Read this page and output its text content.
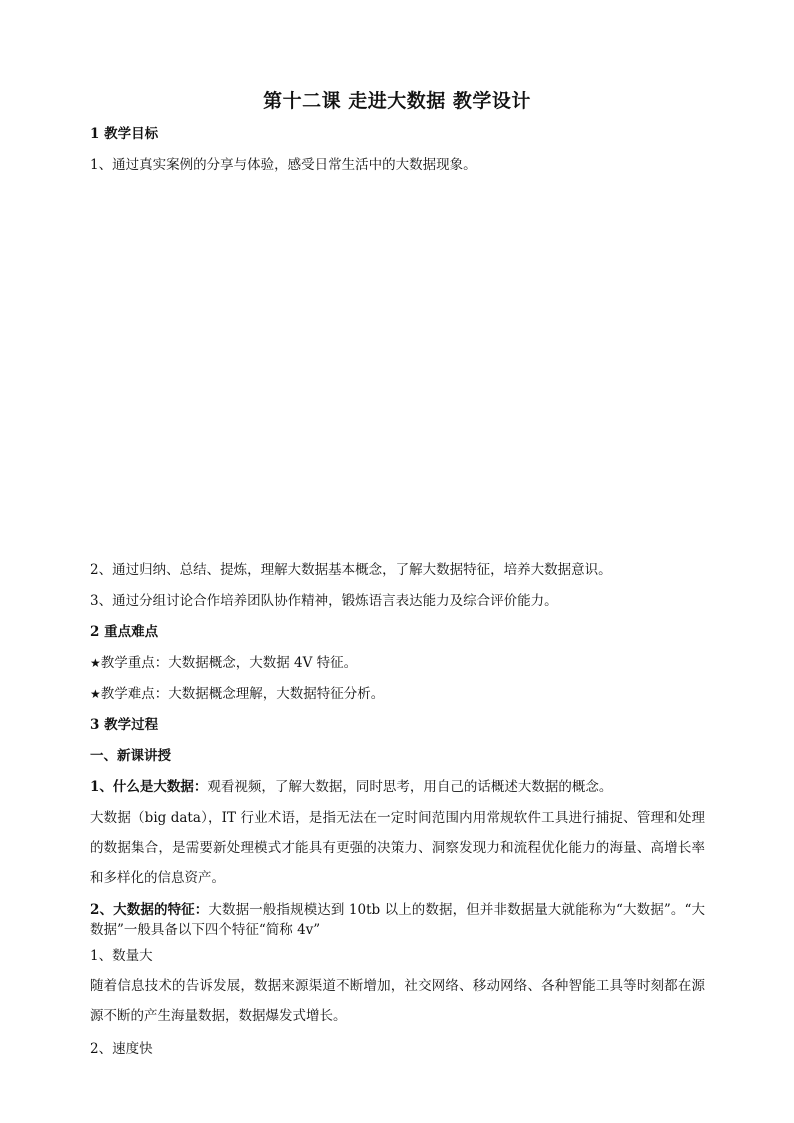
第十二课 走进大数据 教学设计
1 教学目标
1、通过真实案例的分享与体验，感受日常生活中的大数据现象。
2、通过归纳、总结、提炼，理解大数据基本概念，了解大数据特征，培养大数据意识。
3、通过分组讨论合作培养团队协作精神，锻炼语言表达能力及综合评价能力。
2 重点难点
★教学重点：大数据概念，大数据 4V 特征。
★教学难点：大数据概念理解，大数据特征分析。
3 教学过程
一、新课讲授
1、什么是大数据：观看视频，了解大数据，同时思考，用自己的话概述大数据的概念。
大数据（big data），IT 行业术语，是指无法在一定时间范围内用常规软件工具进行捕捉、管理和处理的数据集合，是需要新处理模式才能具有更强的决策力、洞察发现力和流程优化能力的海量、高增长率和多样化的信息资产。
2、大数据的特征：大数据一般指规模达到 10tb 以上的数据，但并非数据量大就能称为“大数据”。“大数据”一般具备以下四个特征“简称 4v”
1、数量大
随着信息技术的告诉发展，数据来源渠道不断增加，社交网络、移动网络、各种智能工具等时刻都在源源不断的产生海量数据，数据爆发式增长。
2、速度快
